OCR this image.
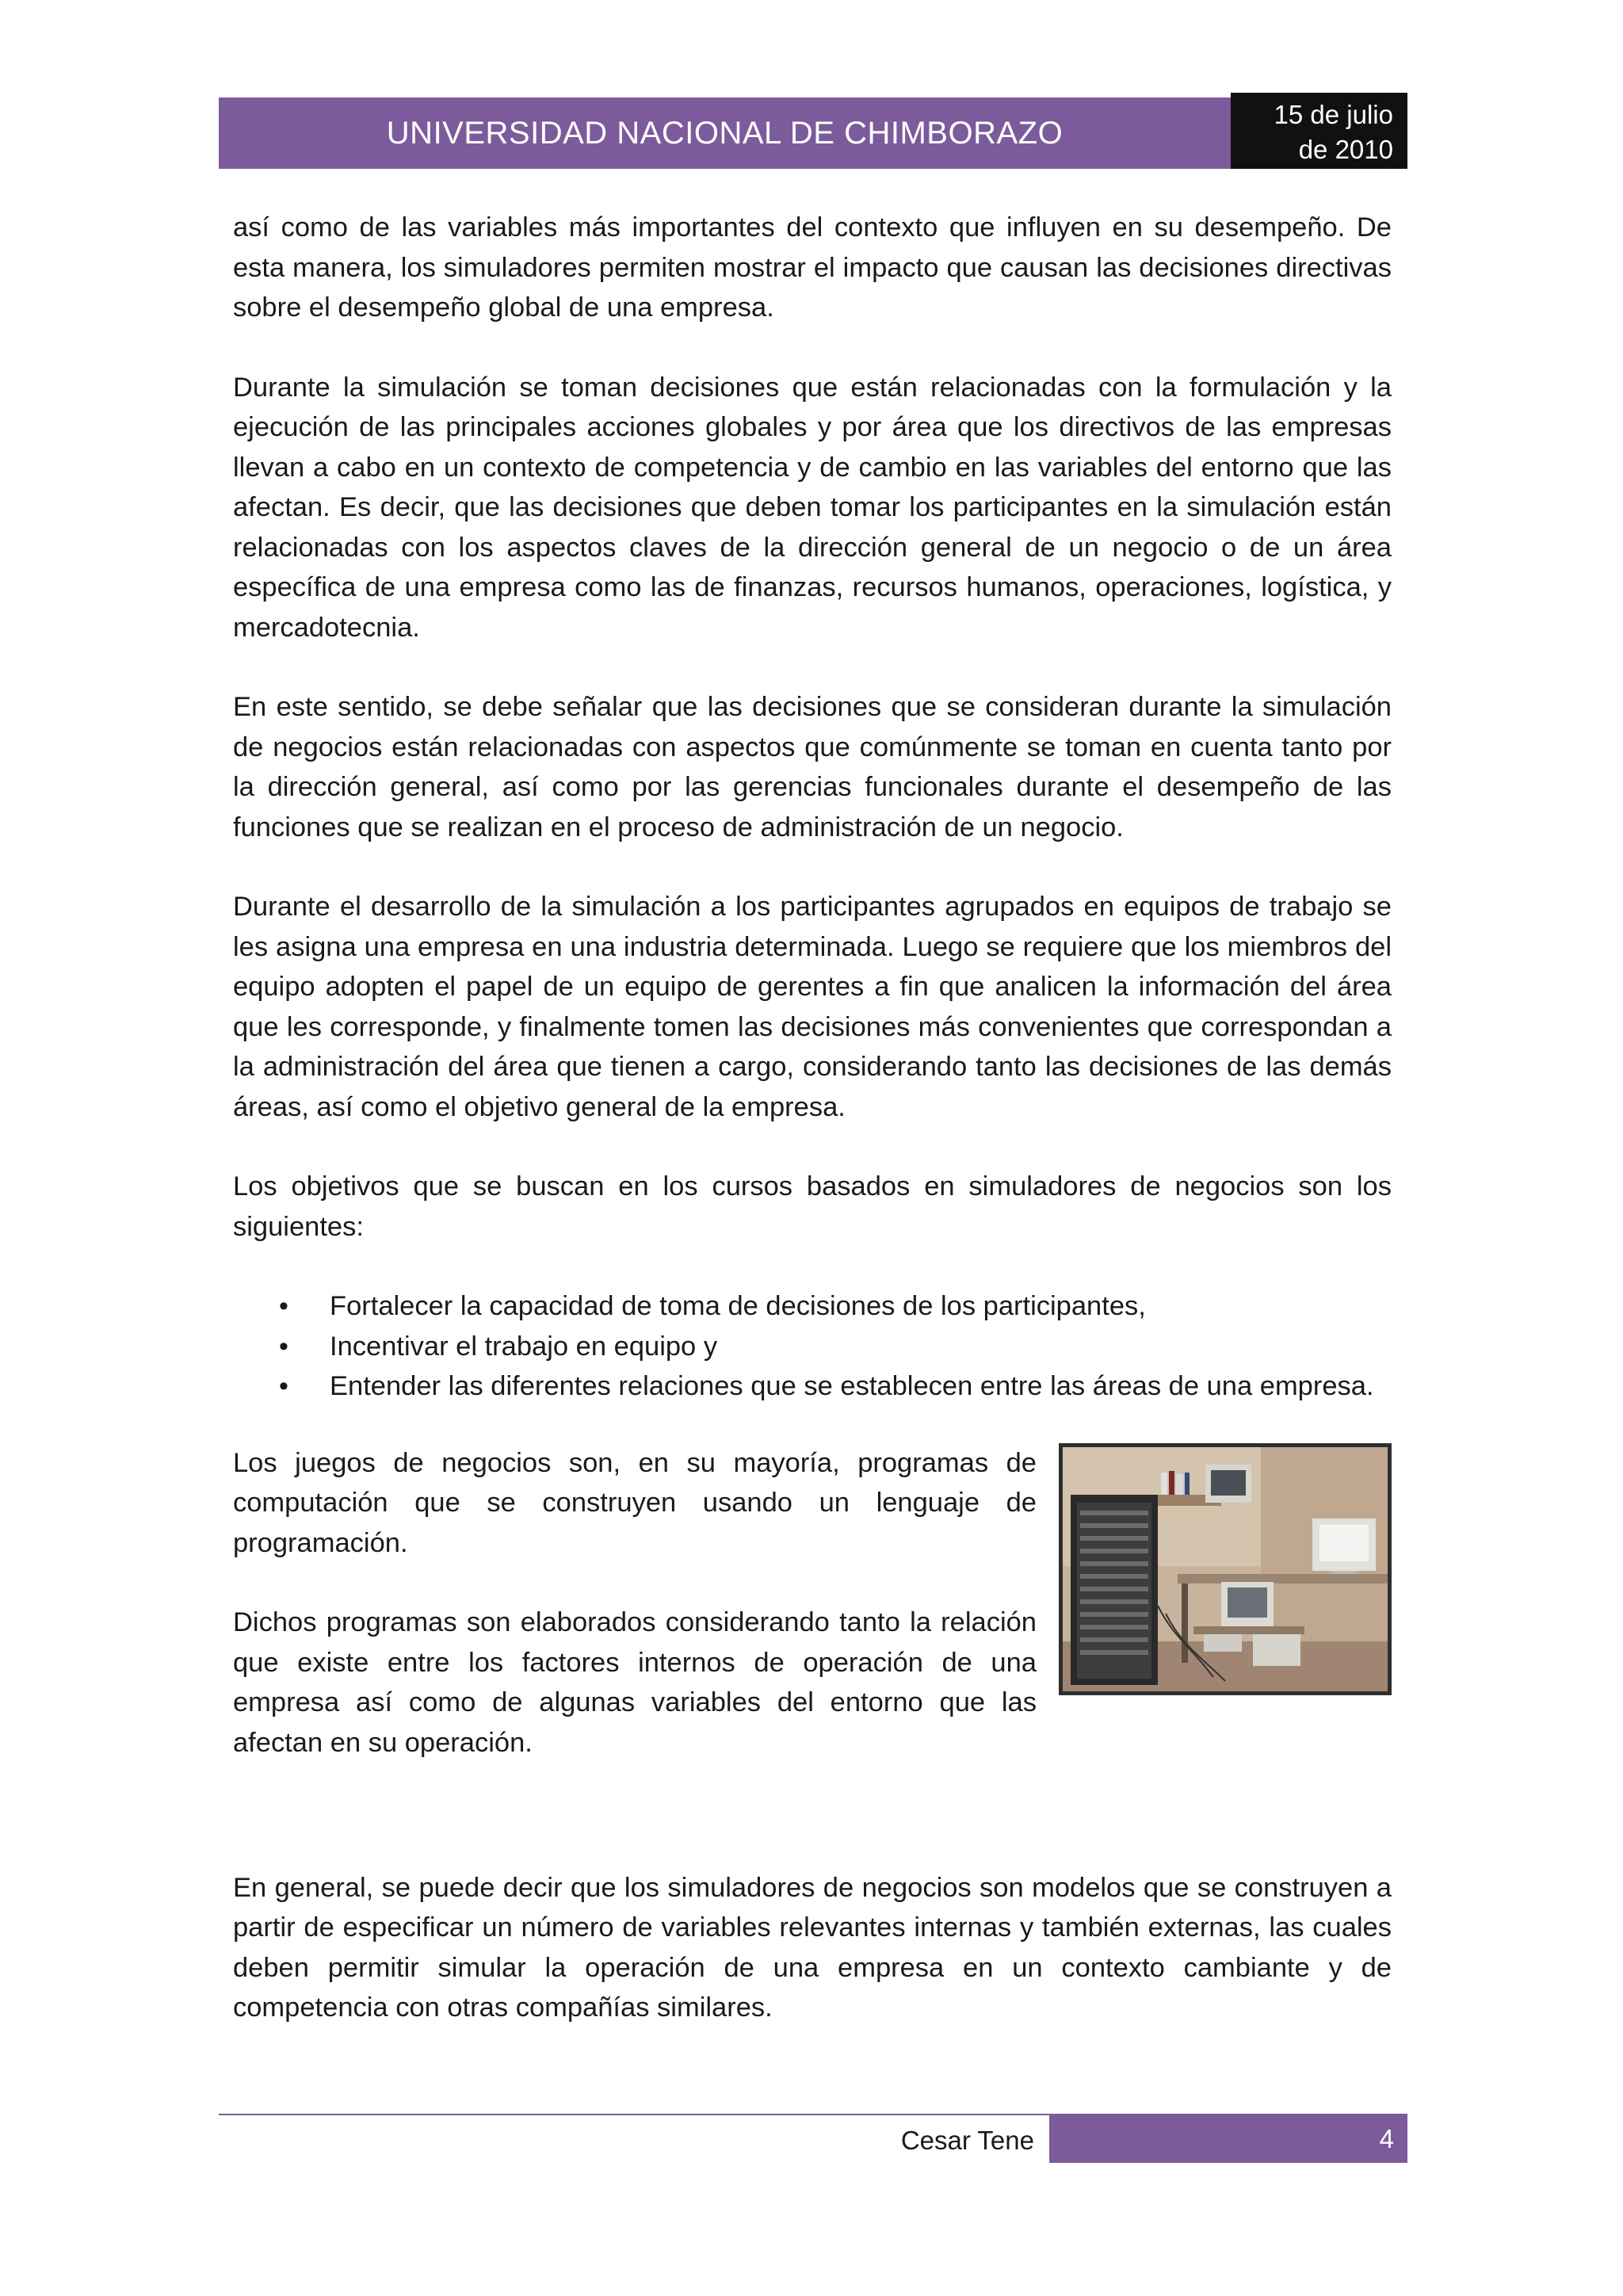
UNIVERSIDAD NACIONAL DE CHIMBORAZO
15 de julio
de 2010

así como de las variables más importantes del contexto que influyen en su desempeño. De esta manera, los simuladores permiten mostrar el impacto que causan las decisiones directivas sobre el desempeño global de una empresa.

Durante la simulación se toman decisiones que están relacionadas con la formulación y la ejecución de las principales acciones globales y por área que los directivos de las empresas llevan a cabo en un contexto de competencia y de cambio en las variables del entorno que las afectan. Es decir, que las decisiones que deben tomar los participantes en la simulación están relacionadas con los aspectos claves de la dirección general de un negocio o de un área específica de una empresa como las de finanzas, recursos humanos, operaciones, logística, y mercadotecnia.

En este sentido, se debe señalar que las decisiones que se consideran durante la simulación de negocios están relacionadas con aspectos que comúnmente se toman en cuenta tanto por la dirección general, así como por las gerencias funcionales durante el desempeño de las funciones que se realizan en el proceso de administración de un negocio.

Durante el desarrollo de la simulación a los participantes agrupados en equipos de trabajo se les asigna una empresa en una industria determinada. Luego se requiere que los miembros del equipo adopten el papel de un equipo de gerentes a fin que analicen la información del área que les corresponde, y finalmente tomen las decisiones más convenientes que correspondan a la administración del área que tienen a cargo, considerando tanto las decisiones de las demás áreas, así como el objetivo general de la empresa.

Los objetivos que se buscan en los cursos basados en simuladores de negocios son los siguientes:

• Fortalecer la capacidad de toma de decisiones de los participantes,
• Incentivar el trabajo en equipo y
• Entender las diferentes relaciones que se establecen entre las áreas de una empresa.

Los juegos de negocios son, en su mayoría, programas de computación que se construyen usando un lenguaje de programación.

Dichos programas son elaborados considerando tanto la relación que existe entre los factores internos de operación de una empresa así como de algunas variables del entorno que las afectan en su operación.

En general, se puede decir que los simuladores de negocios son modelos que se construyen a partir de especificar un número de variables relevantes internas y también externas, las cuales deben permitir simular la operación de una empresa en un contexto cambiante y de competencia con otras compañías similares.

Cesar Tene	4
